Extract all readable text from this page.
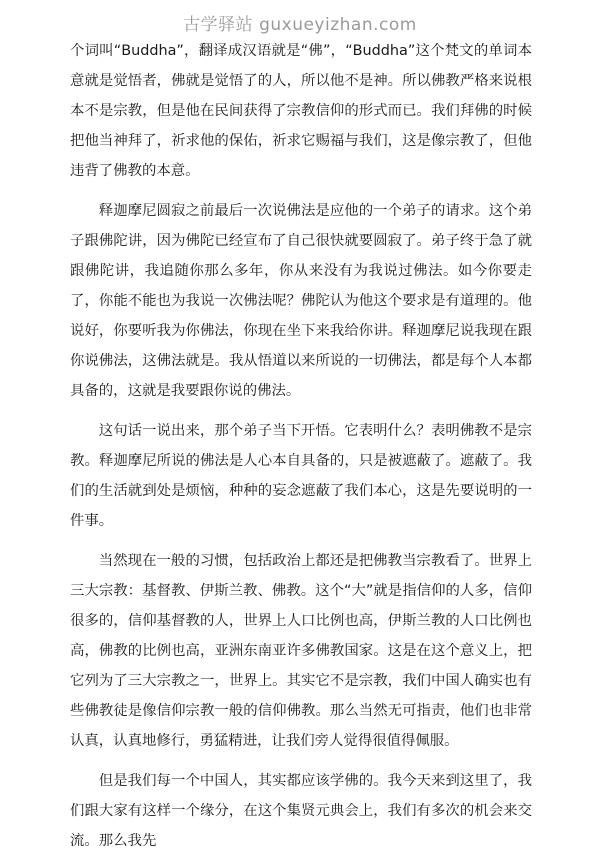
古学驿站 guxueyizhan.com

个词叫“Buddha”，翻译成汉语就是“佛”，“Buddha”这个梵文的单词本意就是觉悟者，佛就是觉悟了的人，所以他不是神。所以佛教严格来说根本不是宗教，但是他在民间获得了宗教信仰的形式而已。我们拜佛的时候把他当神拜了，祈求他的保佑，祈求它赐福与我们，这是像宗教了，但他违背了佛教的本意。

释迦摩尼圆寂之前最后一次说佛法是应他的一个弟子的请求。这个弟子跟佛陀讲，因为佛陀已经宣布了自己很快就要圆寂了。弟子终于急了就跟佛陀讲，我追随你那么多年，你从来没有为我说过佛法。如今你要走了，你能不能也为我说一次佛法呢？佛陀认为他这个要求是有道理的。他说好，你要听我为你佛法，你现在坐下来我给你讲。释迦摩尼说我现在跟你说佛法，这佛法就是。我从悟道以来所说的一切佛法，都是每个人本都具备的，这就是我要跟你说的佛法。

这句话一说出来，那个弟子当下开悟。它表明什么？表明佛教不是宗教。释迦摩尼所说的佛法是人心本自具备的，只是被遮蔽了。遮蔽了。我们的生活就到处是烦恼，种种的妄念遮蔽了我们本心，这是先要说明的一件事。

当然现在一般的习惯，包括政治上都还是把佛教当宗教看了。世界上三大宗教：基督教、伊斯兰教、佛教。这个“大”就是指信仰的人多，信仰很多的，信仰基督教的人，世界上人口比例也高，伊斯兰教的人口比例也高，佛教的比例也高，亚洲东南亚许多佛教国家。这是在这个意义上，把它列为了三大宗教之一，世界上。其实它不是宗教，我们中国人确实也有些佛教徒是像信仰宗教一般的信仰佛教。那么当然无可指责，他们也非常认真，认真地修行，勇猛精进，让我们旁人觉得很值得佩服。

但是我们每一个中国人，其实都应该学佛的。我今天来到这里了，我们跟大家有这样一个缘分，在这个集贤元典会上，我们有多次的机会来交流。那么我先
